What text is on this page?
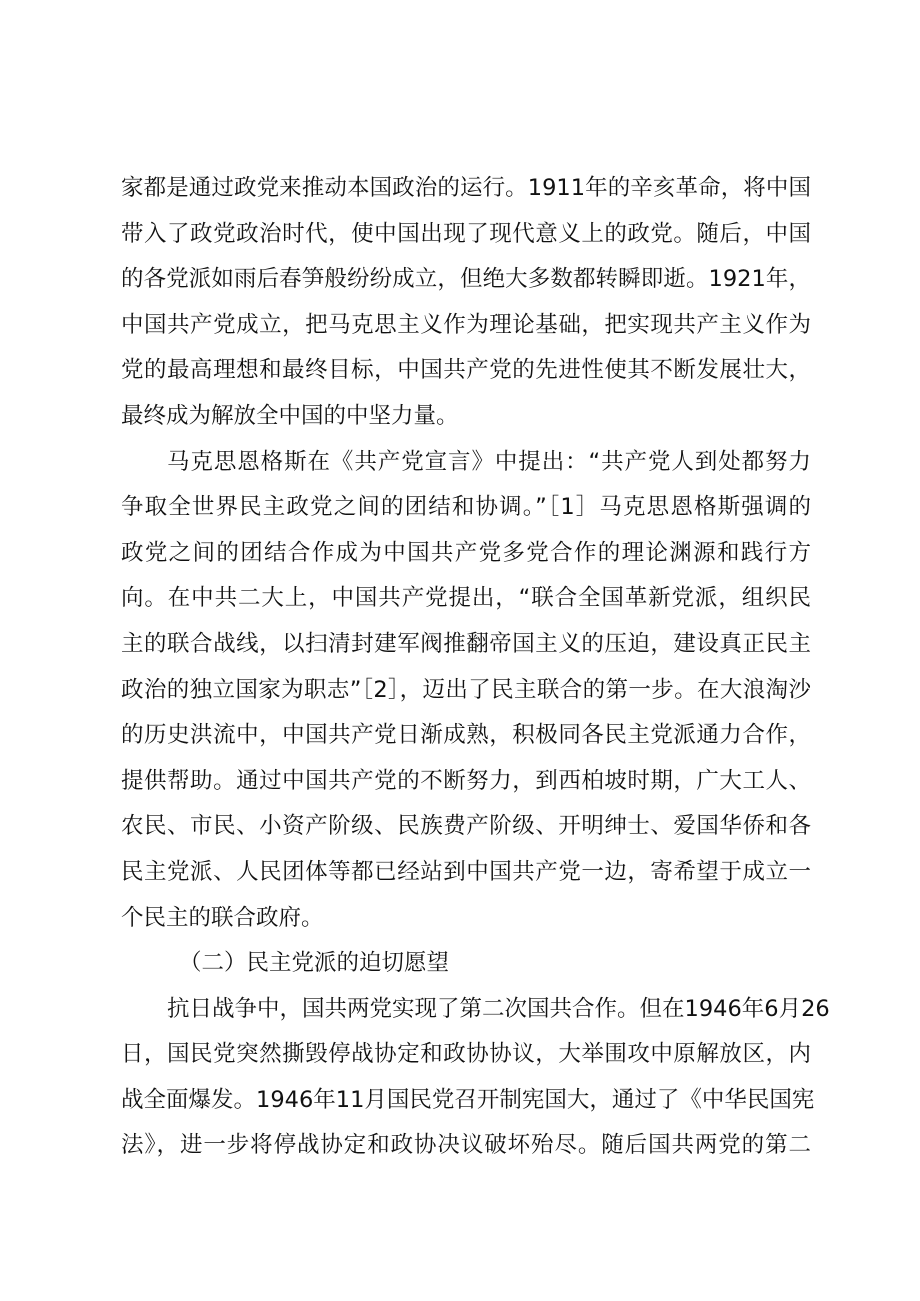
家都是通过政党来推动本国政治的运行。1911年的辛亥革命，将中国
带入了政党政治时代，使中国出现了现代意义上的政党。随后，中国
的各党派如雨后春笋般纷纷成立，但绝大多数都转瞬即逝。1921年，
中国共产党成立，把马克思主义作为理论基础，把实现共产主义作为
党的最高理想和最终目标，中国共产党的先进性使其不断发展壮大，
最终成为解放全中国的中坚力量。
马克思恩格斯在《共产党宣言》中提出：“共产党人到处都努力
争取全世界民主政党之间的团结和协调。”［1］马克思恩格斯强调的
政党之间的团结合作成为中国共产党多党合作的理论渊源和践行方
向。在中共二大上，中国共产党提出，“联合全国革新党派，组织民
主的联合战线，以扫清封建军阀推翻帝国主义的压迫，建设真正民主
政治的独立国家为职志”［2］，迈出了民主联合的第一步。在大浪淘沙
的历史洪流中，中国共产党日渐成熟，积极同各民主党派通力合作，
提供帮助。通过中国共产党的不断努力，到西柏坡时期，广大工人、
农民、市民、小资产阶级、民族费产阶级、开明绅士、爱国华侨和各
民主党派、人民团体等都已经站到中国共产党一边，寄希望于成立一
个民主的联合政府。
（二）民主党派的迫切愿望
抗日战争中，国共两党实现了第二次国共合作。但在1946年6月26
日，国民党突然撕毁停战协定和政协协议，大举围攻中原解放区，内
战全面爆发。1946年11月国民党召开制宪国大，通过了《中华民国宪
法》，进一步将停战协定和政协决议破坏殆尽。随后国共两党的第二
